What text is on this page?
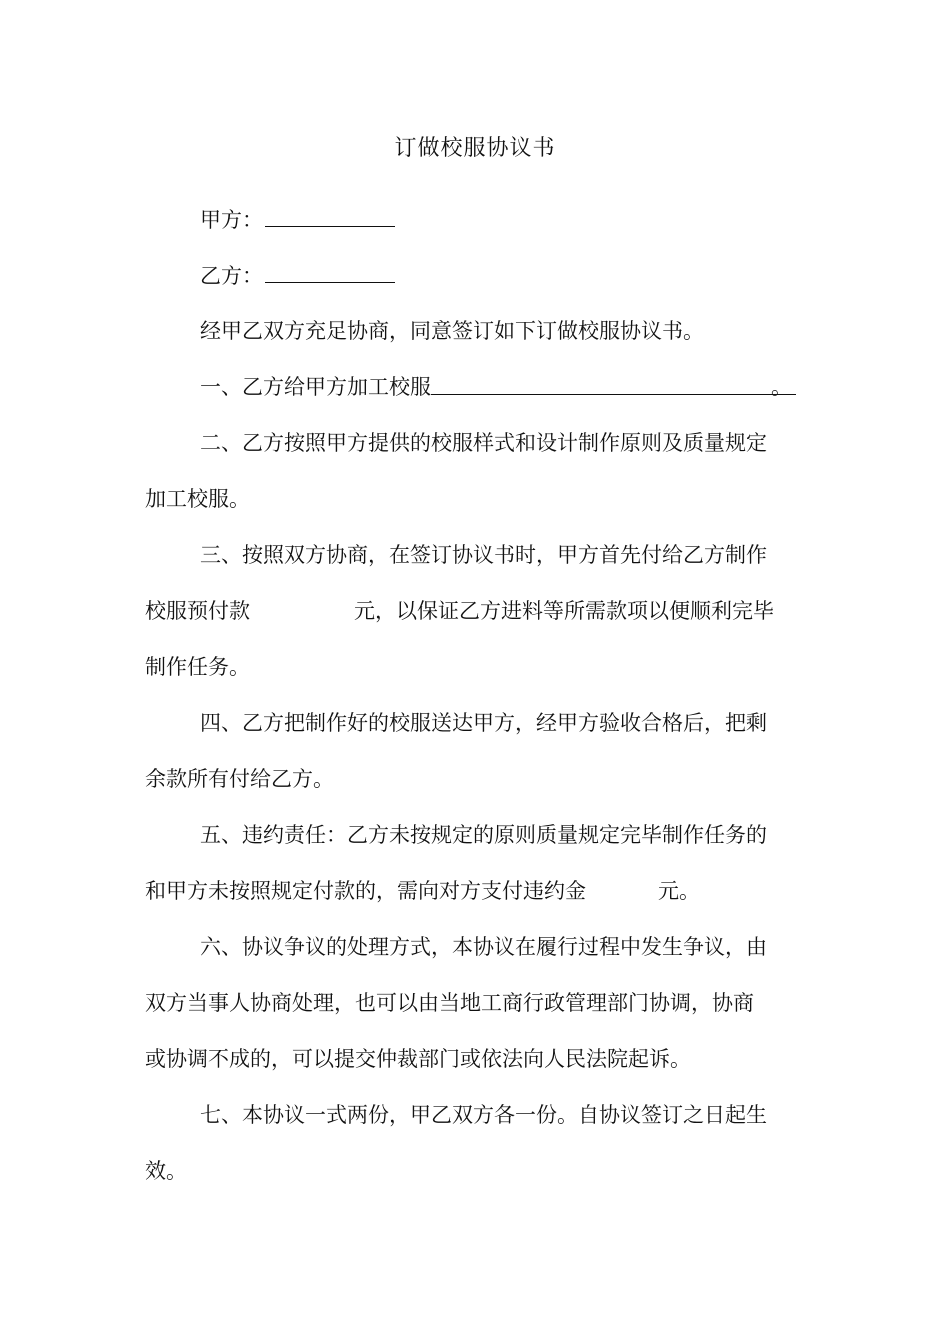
订做校服协议书
甲方：
乙方：
经甲乙双方充足协商，同意签订如下订做校服协议书。
一、乙方给甲方加工校服	。
二、乙方按照甲方提供的校服样式和设计制作原则及质量规定
加工校服。
三、按照双方协商，在签订协议书时，甲方首先付给乙方制作
校服预付款	元，以保证乙方进料等所需款项以便顺利完毕
制作任务。
四、乙方把制作好的校服送达甲方，经甲方验收合格后，把剩
余款所有付给乙方。
五、违约责任：乙方未按规定的原则质量规定完毕制作任务的
和甲方未按照规定付款的，需向对方支付违约金	元。
六、协议争议的处理方式，本协议在履行过程中发生争议，由
双方当事人协商处理，也可以由当地工商行政管理部门协调，协商
或协调不成的，可以提交仲裁部门或依法向人民法院起诉。
七、本协议一式两份，甲乙双方各一份。自协议签订之日起生
效。
